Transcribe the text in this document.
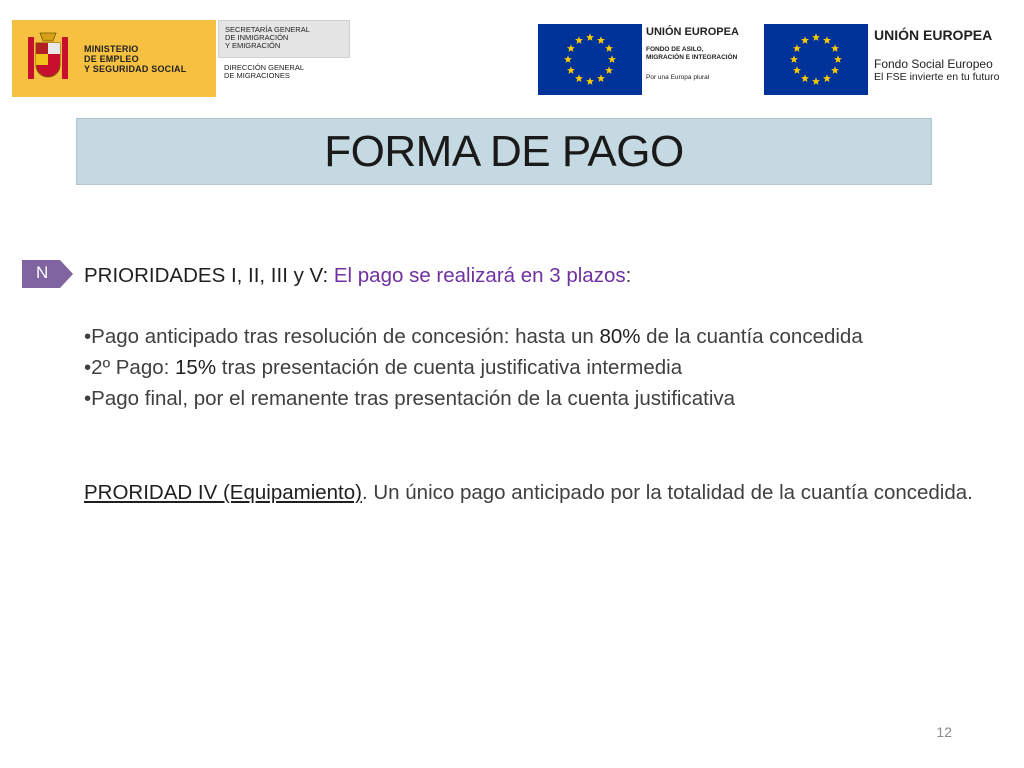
MINISTERIO
DE EMPLEO
Y SEGURIDAD SOCIAL
SECRETARÍA GENERAL
DE INMIGRACIÓN
Y EMIGRACIÓN
DIRECCIÓN GENERAL
DE MIGRACIONES
UNIÓN EUROPEA
FONDO DE ASILO,
MIGRACIÓN E INTEGRACIÓN
Por una Europa plural
UNIÓN EUROPEA
Fondo Social Europeo
El FSE invierte en tu futuro
FORMA DE PAGO
N PRIORIDADES I, II, III y V: El pago se realizará en 3 plazos:

•Pago anticipado tras resolución de concesión: hasta un 80% de la cuantía concedida

•2º Pago: 15% tras presentación de cuenta justificativa intermedia

•Pago final, por el remanente tras presentación de la cuenta justificativa

PRORIDAD IV (Equipamiento). Un único pago anticipado por la totalidad de la cuantía concedida.

12
